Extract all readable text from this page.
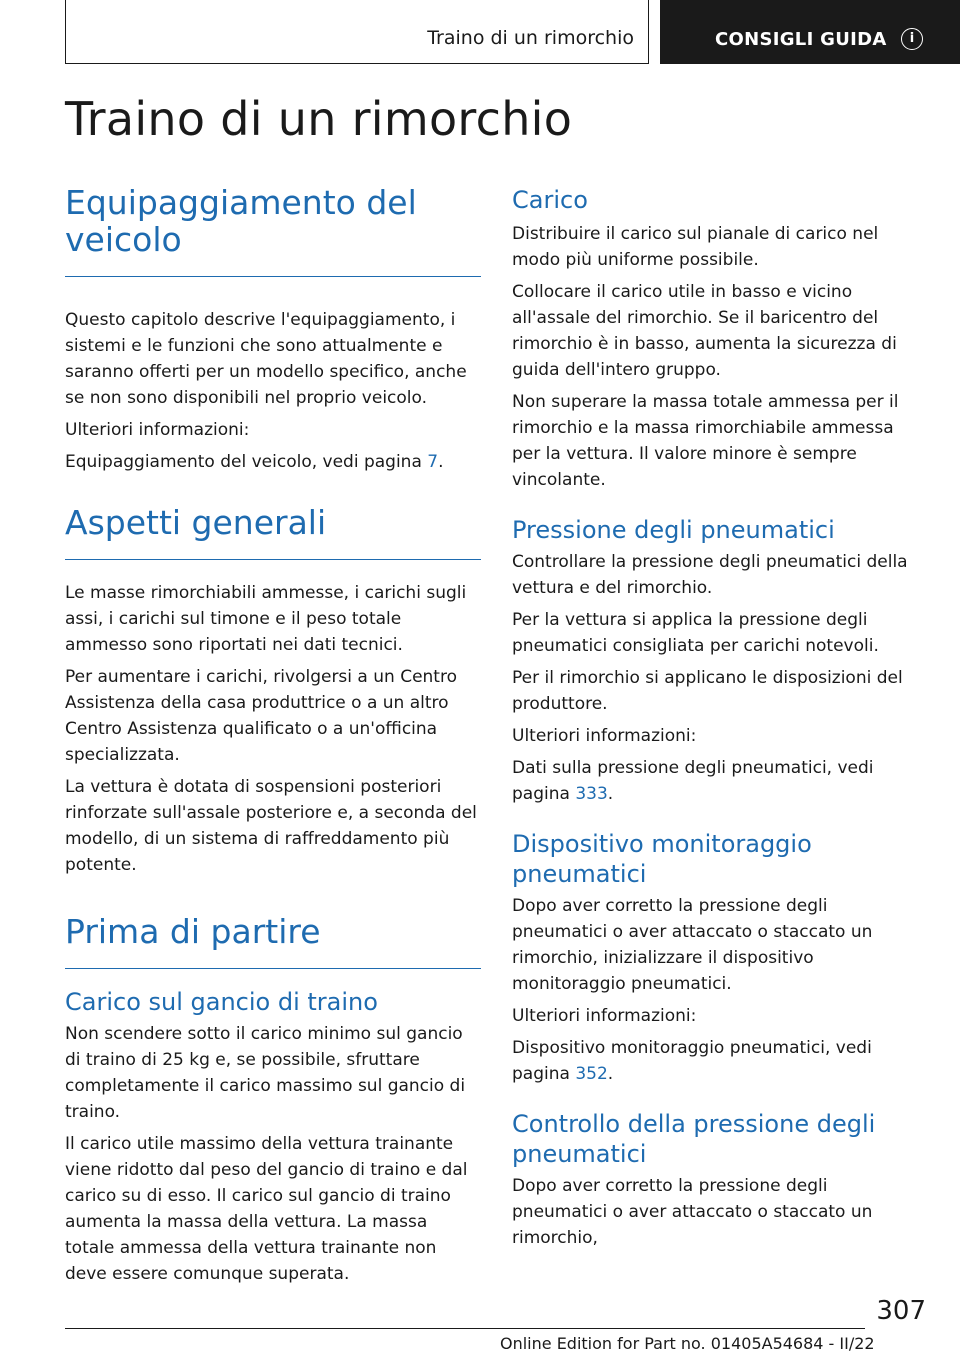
Traino di un rimorchio	CONSIGLI GUIDA	i
Traino di un rimorchio
Equipaggiamento del veicolo

Questo capitolo descrive l'equipaggiamento, i sistemi e le funzioni che sono attualmente e saranno offerti per un modello specifico, anche se non sono disponibili nel proprio veicolo.

Ulteriori informazioni:

Equipaggiamento del veicolo, vedi pagina 7.

Aspetti generali

Le masse rimorchiabili ammesse, i carichi sugli assi, i carichi sul timone e il peso totale ammesso sono riportati nei dati tecnici.

Per aumentare i carichi, rivolgersi a un Centro Assistenza della casa produttrice o a un altro Centro Assistenza qualificato o a un'officina specializzata.

La vettura è dotata di sospensioni posteriori rinforzate sull'assale posteriore e, a seconda del modello, di un sistema di raffreddamento più potente.

Prima di partire
Carico sul gancio di traino

Non scendere sotto il carico minimo sul gancio di traino di 25 kg e, se possibile, sfruttare completamente il carico massimo sul gancio di traino.

Il carico utile massimo della vettura trainante viene ridotto dal peso del gancio di traino e dal carico su di esso. Il carico sul gancio di traino aumenta la massa della vettura. La massa totale ammessa della vettura trainante non deve essere comunque superata.

Carico

Distribuire il carico sul pianale di carico nel modo più uniforme possibile.

Collocare il carico utile in basso e vicino all'assale del rimorchio. Se il baricentro del rimorchio è in basso, aumenta la sicurezza di guida dell'intero gruppo.

Non superare la massa totale ammessa per il rimorchio e la massa rimorchiabile ammessa per la vettura. Il valore minore è sempre vincolante.

Pressione degli pneumatici

Controllare la pressione degli pneumatici della vettura e del rimorchio.

Per la vettura si applica la pressione degli pneumatici consigliata per carichi notevoli.

Per il rimorchio si applicano le disposizioni del produttore.

Ulteriori informazioni:

Dati sulla pressione degli pneumatici, vedi pagina 333.

Dispositivo monitoraggio pneumatici

Dopo aver corretto la pressione degli pneumatici o aver attaccato o staccato un rimorchio, inizializzare il dispositivo monitoraggio pneumatici.

Ulteriori informazioni:

Dispositivo monitoraggio pneumatici, vedi pagina 352.

Controllo della pressione degli pneumatici

Dopo aver corretto la pressione degli pneumatici o aver attaccato o staccato un rimorchio,

307
Online Edition for Part no. 01405A54684 - II/22
